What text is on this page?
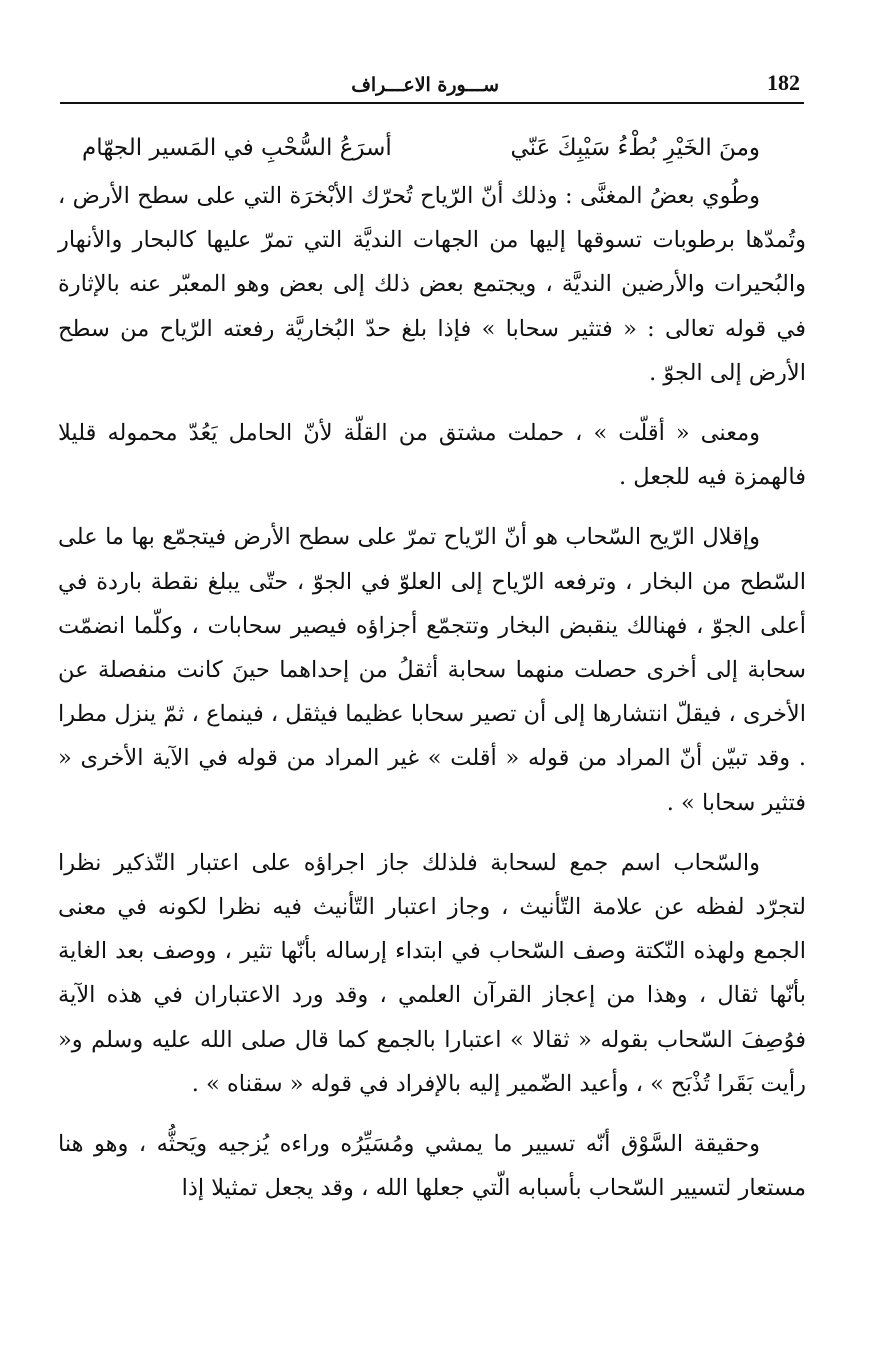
182
ســـورة الاعـــراف
ومنَ الخَيْرِ بُطْءُ سَيْبِكَ عَنّي
أسرَعُ السُّحْبِ في المَسير الجهّام

وطُوي بعضُ المغنَّى : وذلك أنّ الرّياح تُحرّك الأبْخرَة التي على سطح الأرض ، وتُمدّها برطوبات تسوقها إليها من الجهات النديَّة التي تمرّ عليها كالبحار والأنهار والبُحيرات والأرضين النديَّة ، ويجتمع بعض ذلك إلى بعض وهو المعبّر عنه بالإثارة في قوله تعالى : « فتثير سحابا » فإذا بلغ حدّ البُخاريَّة رفعته الرّياح من سطح الأرض إلى الجوّ .

ومعنى « أقلّت » ، حملت مشتق من القلّة لأنّ الحامل يَعُدّ محموله قليلا فالهمزة فيه للجعل .

وإقلال الرّيح السّحاب هو أنّ الرّياح تمرّ على سطح الأرض فيتجمّع بها ما على السّطح من البخار ، وترفعه الرّياح إلى العلوّ في الجوّ ، حتّى يبلغ نقطة باردة في أعلى الجوّ ، فهنالك ينقبض البخار وتتجمّع أجزاؤه فيصير سحابات ، وكلّما انضمّت سحابة إلى أخرى حصلت منهما سحابة أثقلُ من إحداهما حينَ كانت منفصلة عن الأخرى ، فيقلّ انتشارها إلى أن تصير سحابا عظيما فيثقل ، فينماع ، ثمّ ينزل مطرا . وقد تبيّن أنّ المراد من قوله « أقلت » غير المراد من قوله في الآية الأخرى « فتثير سحابا » .

والسّحاب اسم جمع لسحابة فلذلك جاز اجراؤه على اعتبار التّذكير نظرا لتجرّد لفظه عن علامة التّأنيث ، وجاز اعتبار التّأنيث فيه نظرا لكونه في معنى الجمع ولهذه النّكتة وصف السّحاب في ابتداء إرساله بأنّها تثير ، ووصف بعد الغاية بأنّها ثقال ، وهذا من إعجاز القرآن العلمي ، وقد ورد الاعتباران في هذه الآية فوُصِفَ السّحاب بقوله « ثقالا » اعتبارا بالجمع كما قال صلى الله عليه وسلم و« رأيت بَقَرا تُذْبَح » ، وأعيد الضّمير إليه بالإفراد في قوله « سقناه » .

وحقيقة السَّوْق أنّه تسيير ما يمشي ومُسَيِّرُه وراءه يُزجيه ويَحثُّه ، وهو هنا مستعار لتسيير السّحاب بأسبابه الّتي جعلها الله ، وقد يجعل تمثيلا إذا
